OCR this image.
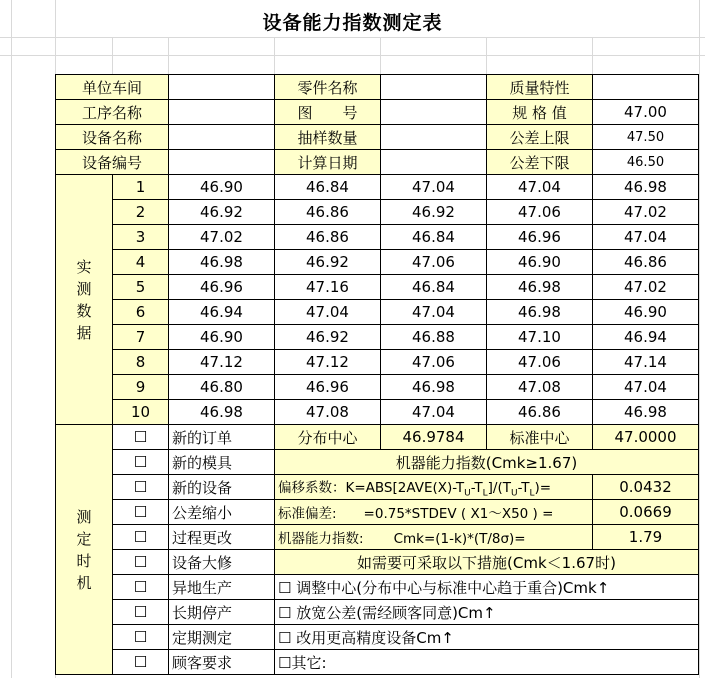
设备能力指数测定表
单位车间			零件名称		质量特性	
工序名称			图　　号		规 格 值	47.00
设备名称			抽样数量		公差上限	47.50
设备编号			计算日期		公差下限	46.50
实测数据	1	46.90	46.84	47.04	47.04	46.98
	2	46.92	46.86	46.92	47.06	47.02
	3	47.02	46.86	46.84	46.96	47.04
	4	46.98	46.92	47.06	46.90	46.86
	5	46.96	47.16	46.84	46.98	47.02
	6	46.94	47.04	47.04	46.98	46.90
	7	46.90	46.92	46.88	47.10	46.94
	8	47.12	47.12	47.06	47.06	47.14
	9	46.80	46.96	46.98	47.08	47.04
	10	46.98	47.08	47.04	46.86	46.98
测定时机	☐	新的订单	分布中心	46.9784	标准中心	47.0000
	☐	新的模具	机器能力指数(Cmk≥1.67)			
	☐	新的设备	偏移系数：$K=ABS[2AVE(X)-T_U-T_L]/(T_U-T_L)=$			0.0432
	☐	公差缩小	标准偏差:　　=0.75*STDEV ( X1～X50 ) =			0.0669
	☐	过程更改	机器能力指数: Cmk=(1-k)*(T/8σ)=			1.79
	☐	设备大修	如需要可采取以下措施(Cmk＜1.67时)			
	☐	异地生产	☐ 调整中心(分布中心与标准中心趋于重合)Cmk↑			
	☐	长期停产	☐ 放宽公差(需经顾客同意)Cm↑			
	☐	定期测定	☐ 改用更高精度设备Cm↑			
	☐	顾客要求	☐其它:			
